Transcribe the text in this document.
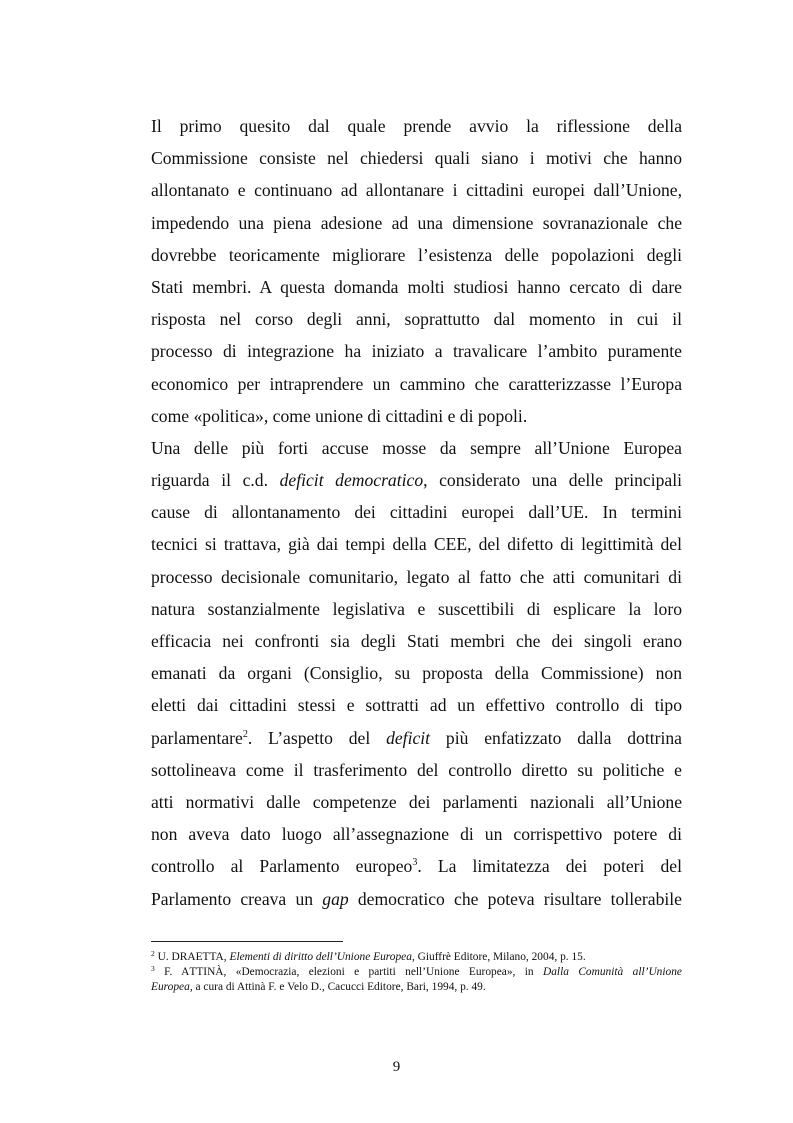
Il primo quesito dal quale prende avvio la riflessione della
Commissione consiste nel chiedersi quali siano i motivi che hanno
allontanato e continuano ad allontanare i cittadini europei dall’Unione,
impedendo una piena adesione ad una dimensione sovranazionale che
dovrebbe teoricamente migliorare l’esistenza delle popolazioni degli
Stati membri. A questa domanda molti studiosi hanno cercato di dare
risposta nel corso degli anni, soprattutto dal momento in cui il
processo di integrazione ha iniziato a travalicare l’ambito puramente
economico per intraprendere un cammino che caratterizzasse l’Europa
come «politica», come unione di cittadini e di popoli.
Una delle più forti accuse mosse da sempre all’Unione Europea
riguarda il c.d. deficit democratico, considerato una delle principali
cause di allontanamento dei cittadini europei dall’UE. In termini
tecnici si trattava, già dai tempi della CEE, del difetto di legittimità del
processo decisionale comunitario, legato al fatto che atti comunitari di
natura sostanzialmente legislativa e suscettibili di esplicare la loro
efficacia nei confronti sia degli Stati membri che dei singoli erano
emanati da organi (Consiglio, su proposta della Commissione) non
eletti dai cittadini stessi e sottratti ad un effettivo controllo di tipo
parlamentare$^2$. L’aspetto del deficit più enfatizzato dalla dottrina
sottolineava come il trasferimento del controllo diretto su politiche e
atti normativi dalle competenze dei parlamenti nazionali all’Unione
non aveva dato luogo all’assegnazione di un corrispettivo potere di
controllo al Parlamento europeo$^3$. La limitatezza dei poteri del
Parlamento creava un gap democratico che poteva risultare tollerabile
$^2$ U. DRAETTA, Elementi di diritto dell’Unione Europea, Giuffrè Editore, Milano, 2004, p. 15.
$^3$ F. ATTINÀ, «Democrazia, elezioni e partiti nell’Unione Europea», in Dalla Comunità all’Unione
Europea, a cura di Attinà F. e Velo D., Cacucci Editore, Bari, 1994, p. 49.
9
